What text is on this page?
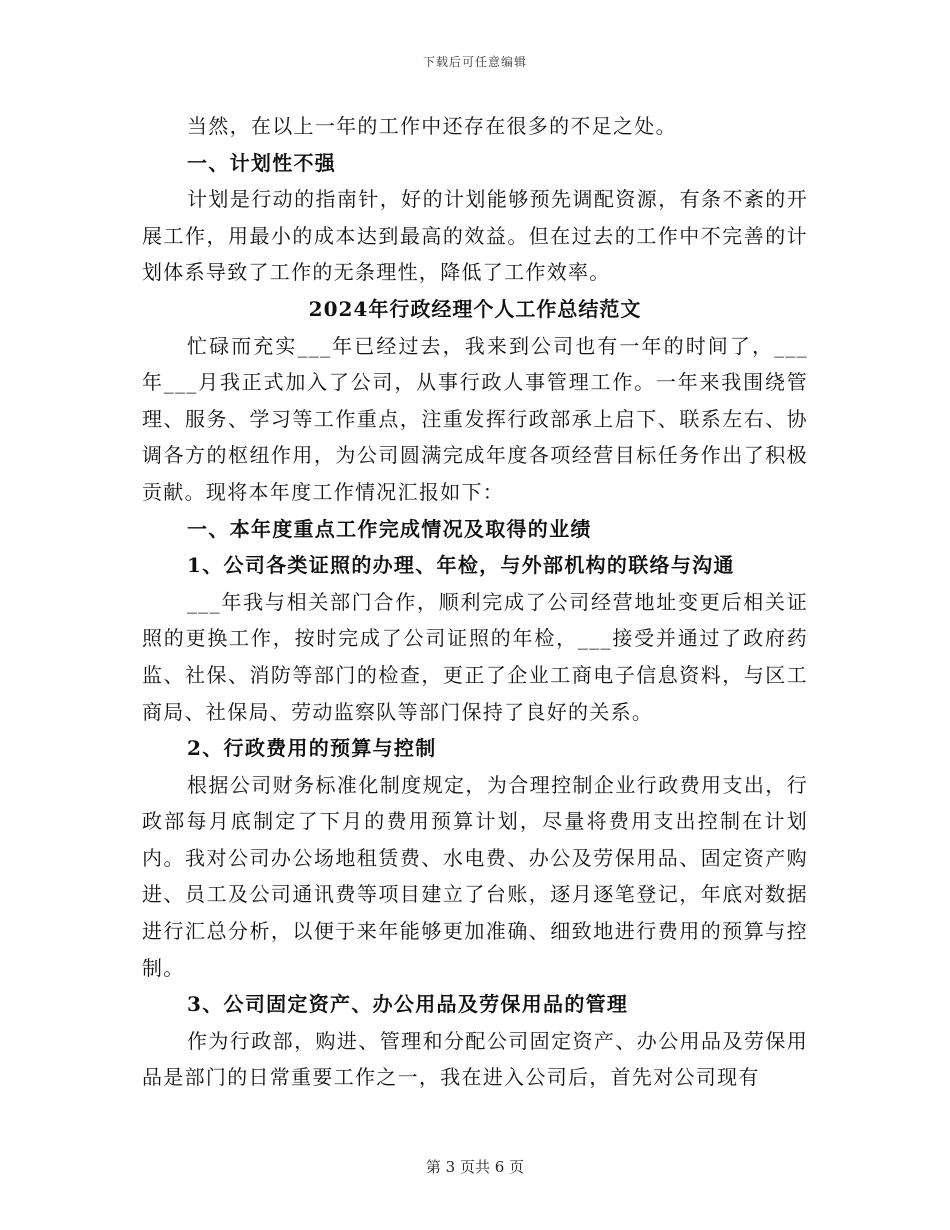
下载后可任意编辑

当然，在以上一年的工作中还存在很多的不足之处。

一、计划性不强

计划是行动的指南针，好的计划能够预先调配资源，有条不紊的开展工作，用最小的成本达到最高的效益。但在过去的工作中不完善的计划体系导致了工作的无条理性，降低了工作效率。

2024年行政经理个人工作总结范文

忙碌而充实___年已经过去，我来到公司也有一年的时间了，___年___月我正式加入了公司，从事行政人事管理工作。一年来我围绕管理、服务、学习等工作重点，注重发挥行政部承上启下、联系左右、协调各方的枢纽作用，为公司圆满完成年度各项经营目标任务作出了积极贡献。现将本年度工作情况汇报如下：

一、本年度重点工作完成情况及取得的业绩

1、公司各类证照的办理、年检，与外部机构的联络与沟通

___年我与相关部门合作，顺利完成了公司经营地址变更后相关证照的更换工作，按时完成了公司证照的年检，___接受并通过了政府药监、社保、消防等部门的检查，更正了企业工商电子信息资料，与区工商局、社保局、劳动监察队等部门保持了良好的关系。

2、行政费用的预算与控制

根据公司财务标准化制度规定，为合理控制企业行政费用支出，行政部每月底制定了下月的费用预算计划，尽量将费用支出控制在计划内。我对公司办公场地租赁费、水电费、办公及劳保用品、固定资产购进、员工及公司通讯费等项目建立了台账，逐月逐笔登记，年底对数据进行汇总分析，以便于来年能够更加准确、细致地进行费用的预算与控制。

3、公司固定资产、办公用品及劳保用品的管理

作为行政部，购进、管理和分配公司固定资产、办公用品及劳保用品是部门的日常重要工作之一，我在进入公司后，首先对公司现有

第 3 页共 6 页
